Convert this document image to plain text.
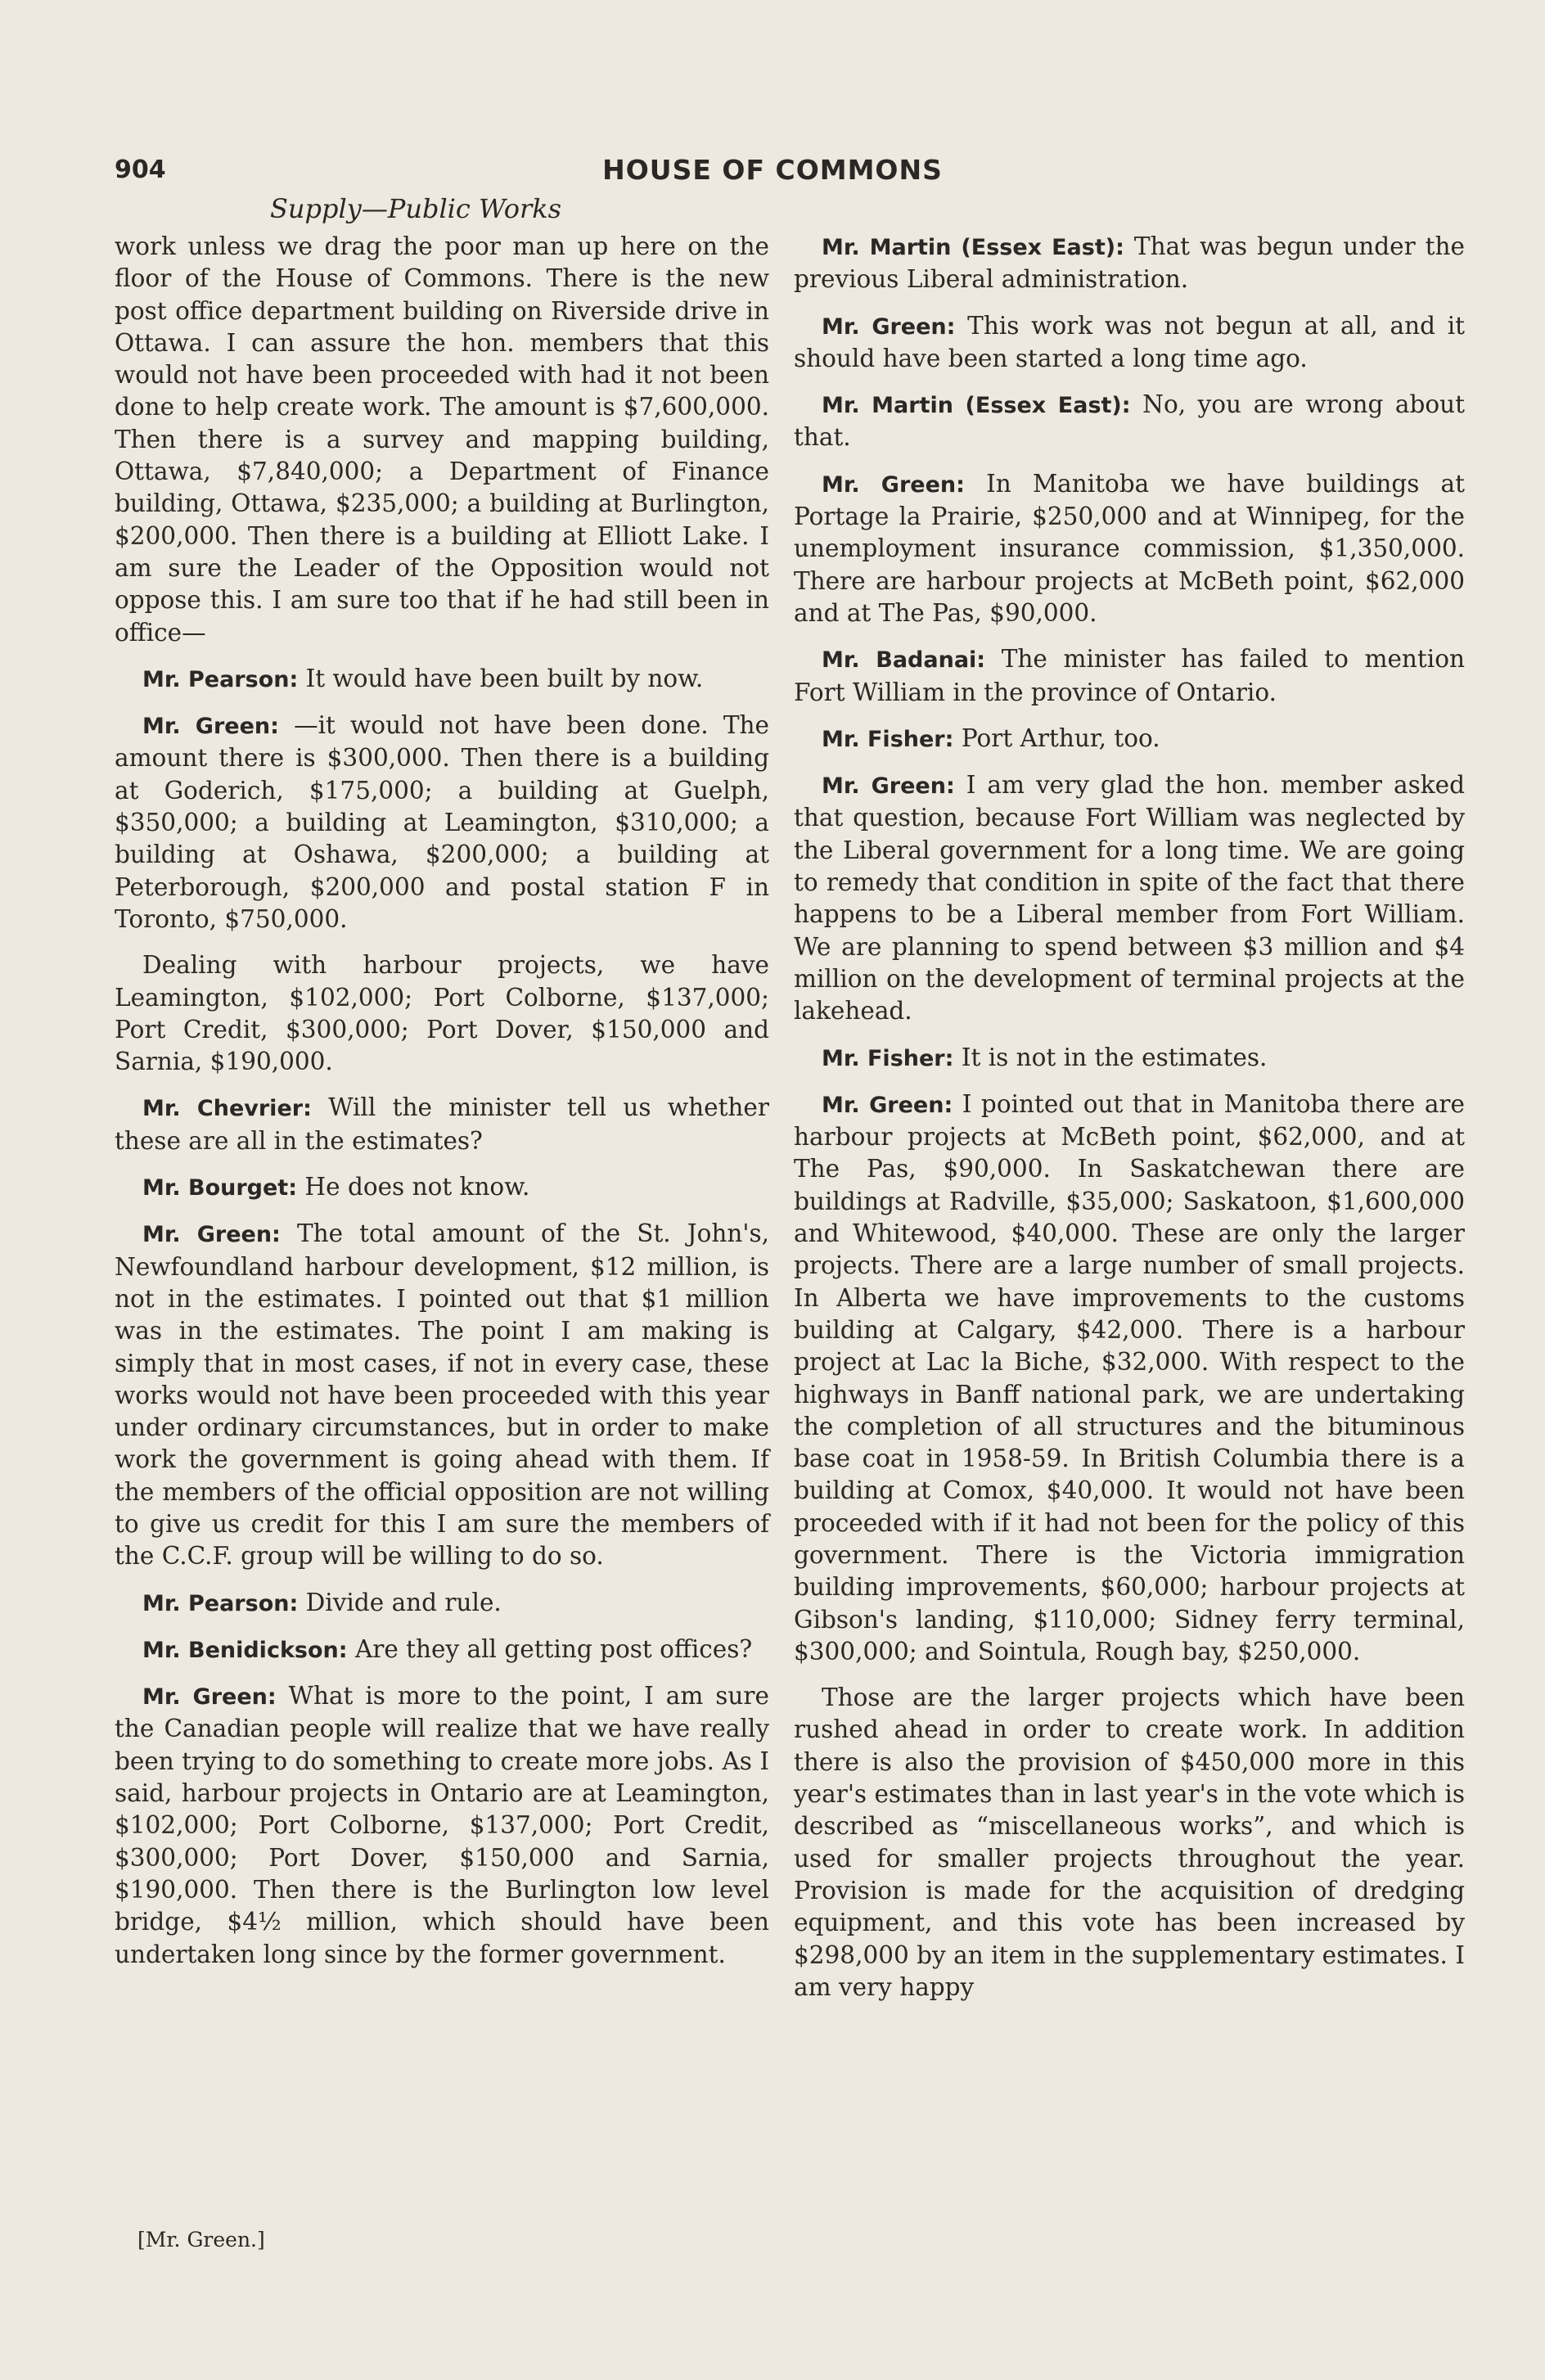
904	HOUSE OF COMMONS
Supply—Public Works

work unless we drag the poor man up here on the floor of the House of Commons. There is the new post office department building on Riverside drive in Ottawa. I can assure the hon. members that this would not have been proceeded with had it not been done to help create work. The amount is $7,600,000. Then there is a survey and mapping building, Ottawa, $7,840,000; a Department of Finance building, Ottawa, $235,000; a building at Burlington, $200,000. Then there is a building at Elliott Lake. I am sure the Leader of the Opposition would not oppose this. I am sure too that if he had still been in office—

Mr. Pearson: It would have been built by now.

Mr. Green: —it would not have been done. The amount there is $300,000. Then there is a building at Goderich, $175,000; a building at Guelph, $350,000; a building at Leamington, $310,000; a building at Oshawa, $200,000; a building at Peterborough, $200,000 and postal station F in Toronto, $750,000.

Dealing with harbour projects, we have Leamington, $102,000; Port Colborne, $137,000; Port Credit, $300,000; Port Dover, $150,000 and Sarnia, $190,000.

Mr. Chevrier: Will the minister tell us whether these are all in the estimates?

Mr. Bourget: He does not know.

Mr. Green: The total amount of the St. John's, Newfoundland harbour development, $12 million, is not in the estimates. I pointed out that $1 million was in the estimates. The point I am making is simply that in most cases, if not in every case, these works would not have been proceeded with this year under ordinary circumstances, but in order to make work the government is going ahead with them. If the members of the official opposition are not willing to give us credit for this I am sure the members of the C.C.F. group will be willing to do so.

Mr. Pearson: Divide and rule.

Mr. Benidickson: Are they all getting post offices?

Mr. Green: What is more to the point, I am sure the Canadian people will realize that we have really been trying to do something to create more jobs. As I said, harbour projects in Ontario are at Leamington, $102,000; Port Colborne, $137,000; Port Credit, $300,000; Port Dover, $150,000 and Sarnia, $190,000. Then there is the Burlington low level bridge, $4½ million, which should have been undertaken long since by the former government.

Mr. Martin (Essex East): That was begun under the previous Liberal administration.

Mr. Green: This work was not begun at all, and it should have been started a long time ago.

Mr. Martin (Essex East): No, you are wrong about that.

Mr. Green: In Manitoba we have buildings at Portage la Prairie, $250,000 and at Winnipeg, for the unemployment insurance commission, $1,350,000. There are harbour projects at McBeth point, $62,000 and at The Pas, $90,000.

Mr. Badanai: The minister has failed to mention Fort William in the province of Ontario.

Mr. Fisher: Port Arthur, too.

Mr. Green: I am very glad the hon. member asked that question, because Fort William was neglected by the Liberal government for a long time. We are going to remedy that condition in spite of the fact that there happens to be a Liberal member from Fort William. We are planning to spend between $3 million and $4 million on the development of terminal projects at the lakehead.

Mr. Fisher: It is not in the estimates.

Mr. Green: I pointed out that in Manitoba there are harbour projects at McBeth point, $62,000, and at The Pas, $90,000. In Saskatchewan there are buildings at Radville, $35,000; Saskatoon, $1,600,000 and Whitewood, $40,000. These are only the larger projects. There are a large number of small projects. In Alberta we have improvements to the customs building at Calgary, $42,000. There is a harbour project at Lac la Biche, $32,000. With respect to the highways in Banff national park, we are undertaking the completion of all structures and the bituminous base coat in 1958-59. In British Columbia there is a building at Comox, $40,000. It would not have been proceeded with if it had not been for the policy of this government. There is the Victoria immigration building improvements, $60,000; harbour projects at Gibson's landing, $110,000; Sidney ferry terminal, $300,000; and Sointula, Rough bay, $250,000.

Those are the larger projects which have been rushed ahead in order to create work. In addition there is also the provision of $450,000 more in this year's estimates than in last year's in the vote which is described as “miscellaneous works”, and which is used for smaller projects throughout the year. Provision is made for the acquisition of dredging equipment, and this vote has been increased by $298,000 by an item in the supplementary estimates. I am very happy

[Mr. Green.]
